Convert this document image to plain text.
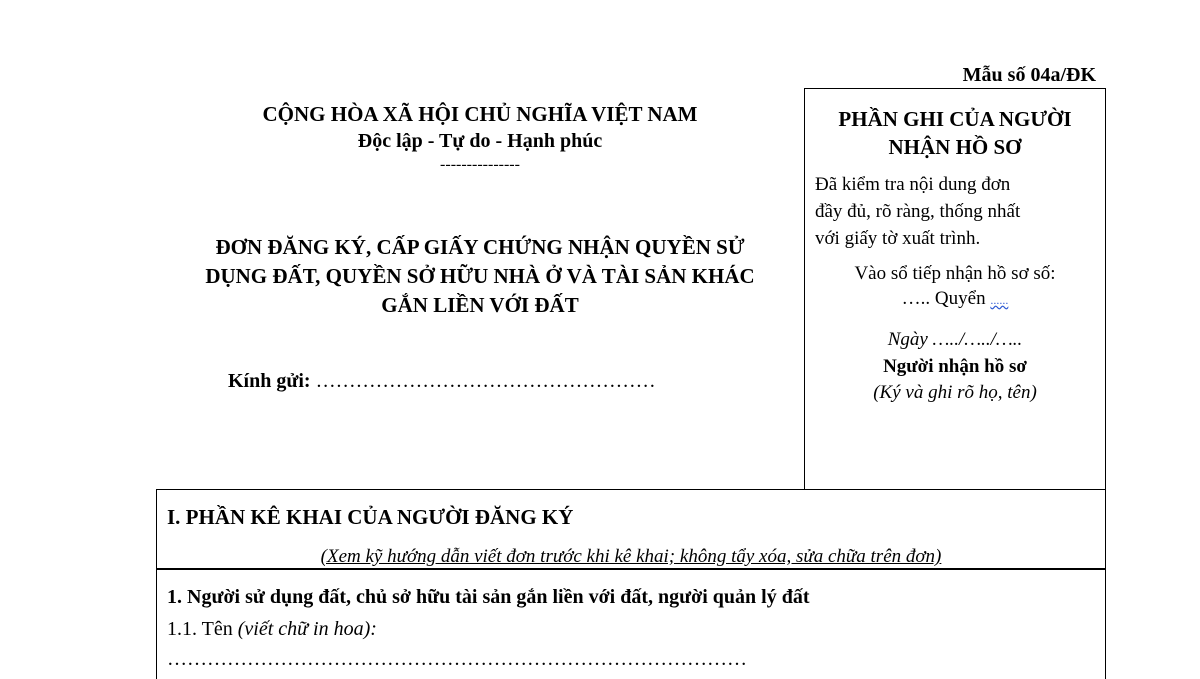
Mẫu số 04a/ĐK
CỘNG HÒA XÃ HỘI CHỦ NGHĨA VIỆT NAM
Độc lập - Tự do - Hạnh phúc
---------------
ĐƠN ĐĂNG KÝ, CẤP GIẤY CHỨNG NHẬN QUYỀN SỬ
DỤNG ĐẤT, QUYỀN SỞ HỮU NHÀ Ở VÀ TÀI SẢN KHÁC
GẮN LIỀN VỚI ĐẤT
Kính gửi: ……………………………………………
PHẦN GHI CỦA NGƯỜI
NHẬN HỒ SƠ
Đã kiểm tra nội dung đơn
đầy đủ, rõ ràng, thống nhất
với giấy tờ xuất trình.
Vào sổ tiếp nhận hồ sơ số:
….. Quyển ......
Ngày …../…../…..
Người nhận hồ sơ
(Ký và ghi rõ họ, tên)
I. PHẦN KÊ KHAI CỦA NGƯỜI ĐĂNG KÝ
(Xem kỹ hướng dẫn viết đơn trước khi kê khai; không tẩy xóa, sửa chữa trên đơn)
1. Người sử dụng đất, chủ sở hữu tài sản gắn liền với đất, người quản lý đất
1.1. Tên (viết chữ in hoa):
……………………………………………………………………………
